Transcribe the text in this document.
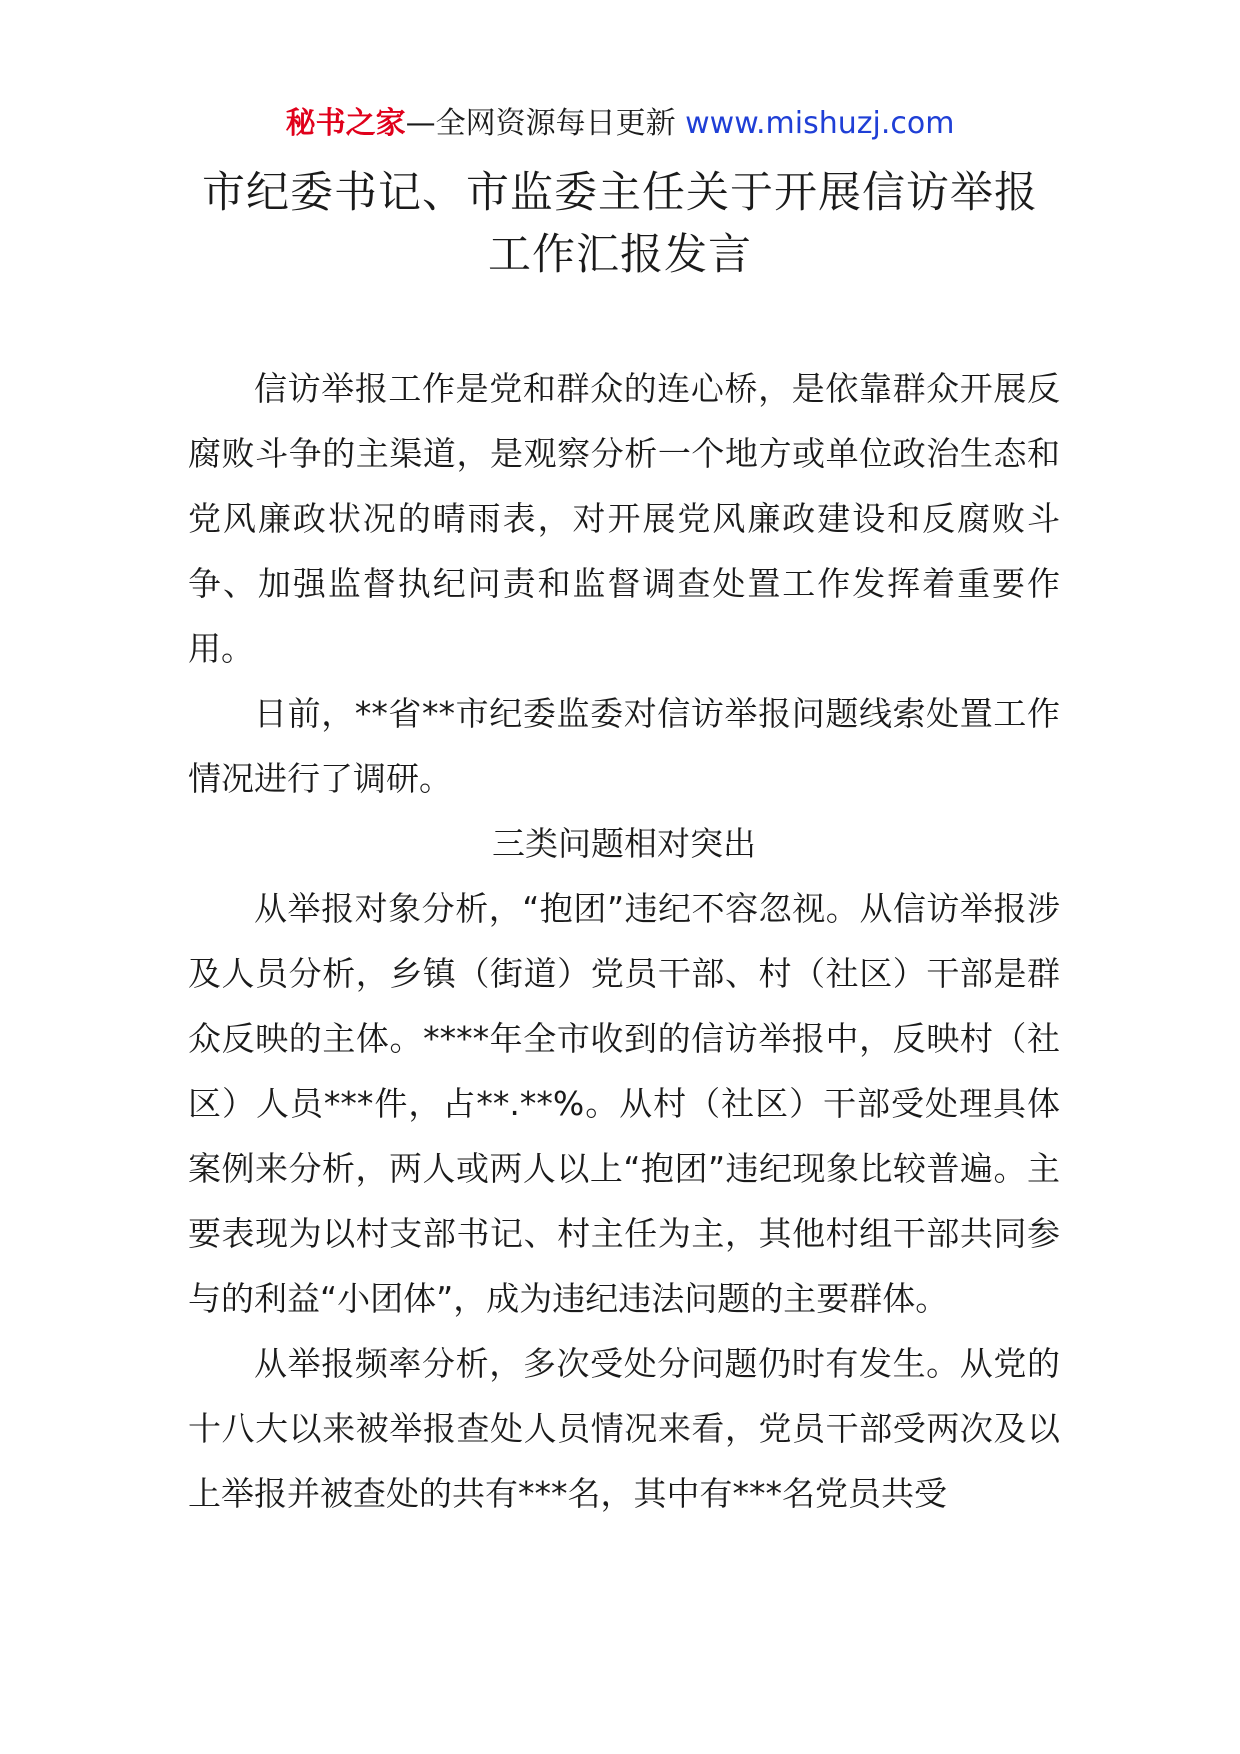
秘书之家—全网资源每日更新 www.mishuzj.com
市纪委书记、市监委主任关于开展信访举报工作汇报发言

信访举报工作是党和群众的连心桥，是依靠群众开展反腐败斗争的主渠道，是观察分析一个地方或单位政治生态和党风廉政状况的晴雨表，对开展党风廉政建设和反腐败斗争、加强监督执纪问责和监督调查处置工作发挥着重要作用。

日前，**省**市纪委监委对信访举报问题线索处置工作情况进行了调研。

三类问题相对突出

从举报对象分析，“抱团”违纪不容忽视。从信访举报涉及人员分析，乡镇（街道）党员干部、村（社区）干部是群众反映的主体。****年全市收到的信访举报中，反映村（社区）人员***件，占**.**%。从村（社区）干部受处理具体案例来分析，两人或两人以上“抱团”违纪现象比较普遍。主要表现为以村支部书记、村主任为主，其他村组干部共同参与的利益“小团体”，成为违纪违法问题的主要群体。

从举报频率分析，多次受处分问题仍时有发生。从党的十八大以来被举报查处人员情况来看，党员干部受两次及以上举报并被查处的共有***名，其中有***名党员共受
